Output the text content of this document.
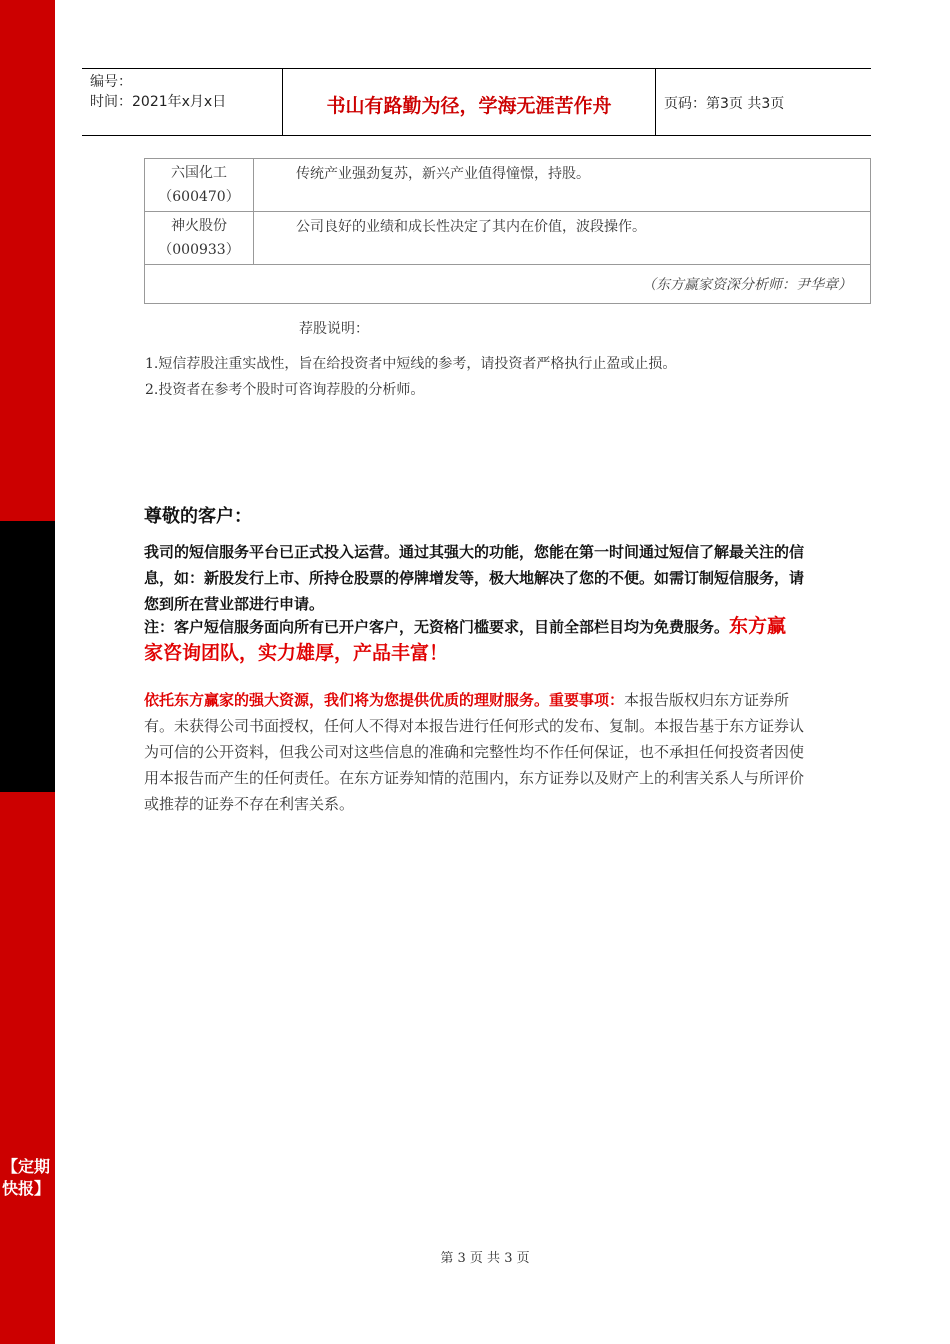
【定期快报】
编号：
时间：2021年x月x日	书山有路勤为径，学海无涯苦作舟	页码：第3页 共3页
六国化工
（600470）	传统产业强劲复苏，新兴产业值得憧憬，持股。

神火股份
（000933）	公司良好的业绩和成长性决定了其内在价值，波段操作。
（东方赢家资深分析师：尹华章）	
荐股说明：
1.短信荐股注重实战性，旨在给投资者中短线的参考，请投资者严格执行止盈或止损。
2.投资者在参考个股时可咨询荐股的分析师。
尊敬的客户：
我司的短信服务平台已正式投入运营。通过其强大的功能，您能在第一时间通过短信了解最关注的信息，如：新股发行上市、所持仓股票的停牌增发等，极大地解决了您的不便。如需订制短信服务，请您到所在营业部进行申请。
注：客户短信服务面向所有已开户客户，无资格门槛要求，目前全部栏目均为免费服务。东方赢家咨询团队，实力雄厚，产品丰富！
依托东方赢家的强大资源，我们将为您提供优质的理财服务。重要事项：本报告版权归东方证券所有。未获得公司书面授权，任何人不得对本报告进行任何形式的发布、复制。本报告基于东方证券认为可信的公开资料，但我公司对这些信息的准确和完整性均不作任何保证，也不承担任何投资者因使用本报告而产生的任何责任。在东方证券知情的范围内，东方证券以及财产上的利害关系人与所评价或推荐的证券不存在利害关系。
第 3 页 共 3 页
